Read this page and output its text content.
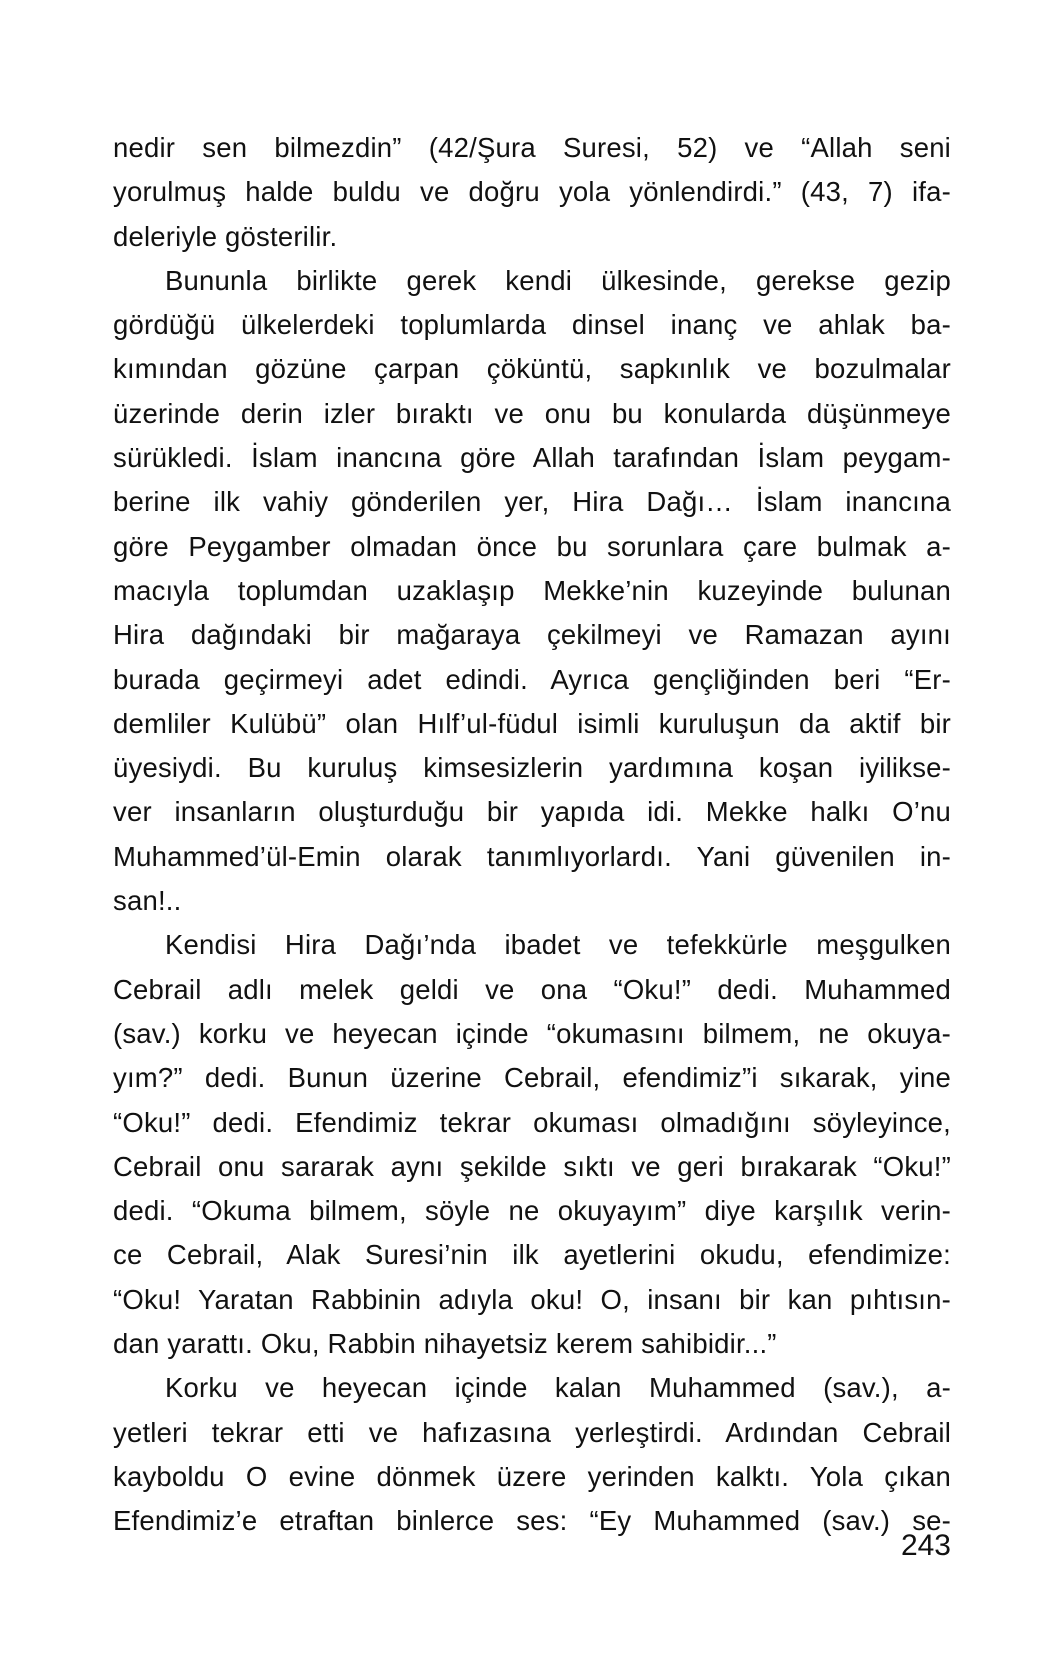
nedir sen bilmezdin” (42/Şura Suresi, 52) ve “Allah seni
yorulmuş halde buldu ve doğru yola yönlendirdi.” (43, 7) ifa-
deleriyle gösterilir.
Bununla birlikte gerek kendi ülkesinde, gerekse gezip
gördüğü ülkelerdeki toplumlarda dinsel inanç ve ahlak ba-
kımından gözüne çarpan çöküntü, sapkınlık ve bozulmalar
üzerinde derin izler bıraktı ve onu bu konularda düşünmeye
sürükledi. İslam inancına göre Allah tarafından İslam peygam-
berine ilk vahiy gönderilen yer, Hira Dağı… İslam inancına
göre Peygamber olmadan önce bu sorunlara çare bulmak a-
macıyla toplumdan uzaklaşıp Mekke’nin kuzeyinde bulunan
Hira dağındaki bir mağaraya çekilmeyi ve Ramazan ayını
burada geçirmeyi adet edindi. Ayrıca gençliğinden beri “Er-
demliler Kulübü” olan Hılf’ul-füdul isimli kuruluşun da aktif bir
üyesiydi. Bu kuruluş kimsesizlerin yardımına koşan iyilikse-
ver insanların oluşturduğu bir yapıda idi. Mekke halkı O’nu
Muhammed’ül-Emin olarak tanımlıyorlardı. Yani güvenilen in-
san!..
Kendisi Hira Dağı’nda ibadet ve tefekkürle meşgulken
Cebrail adlı melek geldi ve ona “Oku!” dedi. Muhammed
(sav.) korku ve heyecan içinde “okumasını bilmem, ne okuya-
yım?” dedi. Bunun üzerine Cebrail, efendimiz”i sıkarak, yine
“Oku!” dedi. Efendimiz tekrar okuması olmadığını söyleyince,
Cebrail onu sararak aynı şekilde sıktı ve geri bırakarak “Oku!”
dedi. “Okuma bilmem, söyle ne okuyayım” diye karşılık verin-
ce Cebrail, Alak Suresi’nin ilk ayetlerini okudu, efendimize:
“Oku! Yaratan Rabbinin adıyla oku! O, insanı bir kan pıhtısın-
dan yarattı. Oku, Rabbin nihayetsiz kerem sahibidir...”
Korku ve heyecan içinde kalan Muhammed (sav.), a-
yetleri tekrar etti ve hafızasına yerleştirdi. Ardından Cebrail
kayboldu O evine dönmek üzere yerinden kalktı. Yola çıkan
Efendimiz’e etraftan binlerce ses: “Ey Muhammed (sav.) se-
243
